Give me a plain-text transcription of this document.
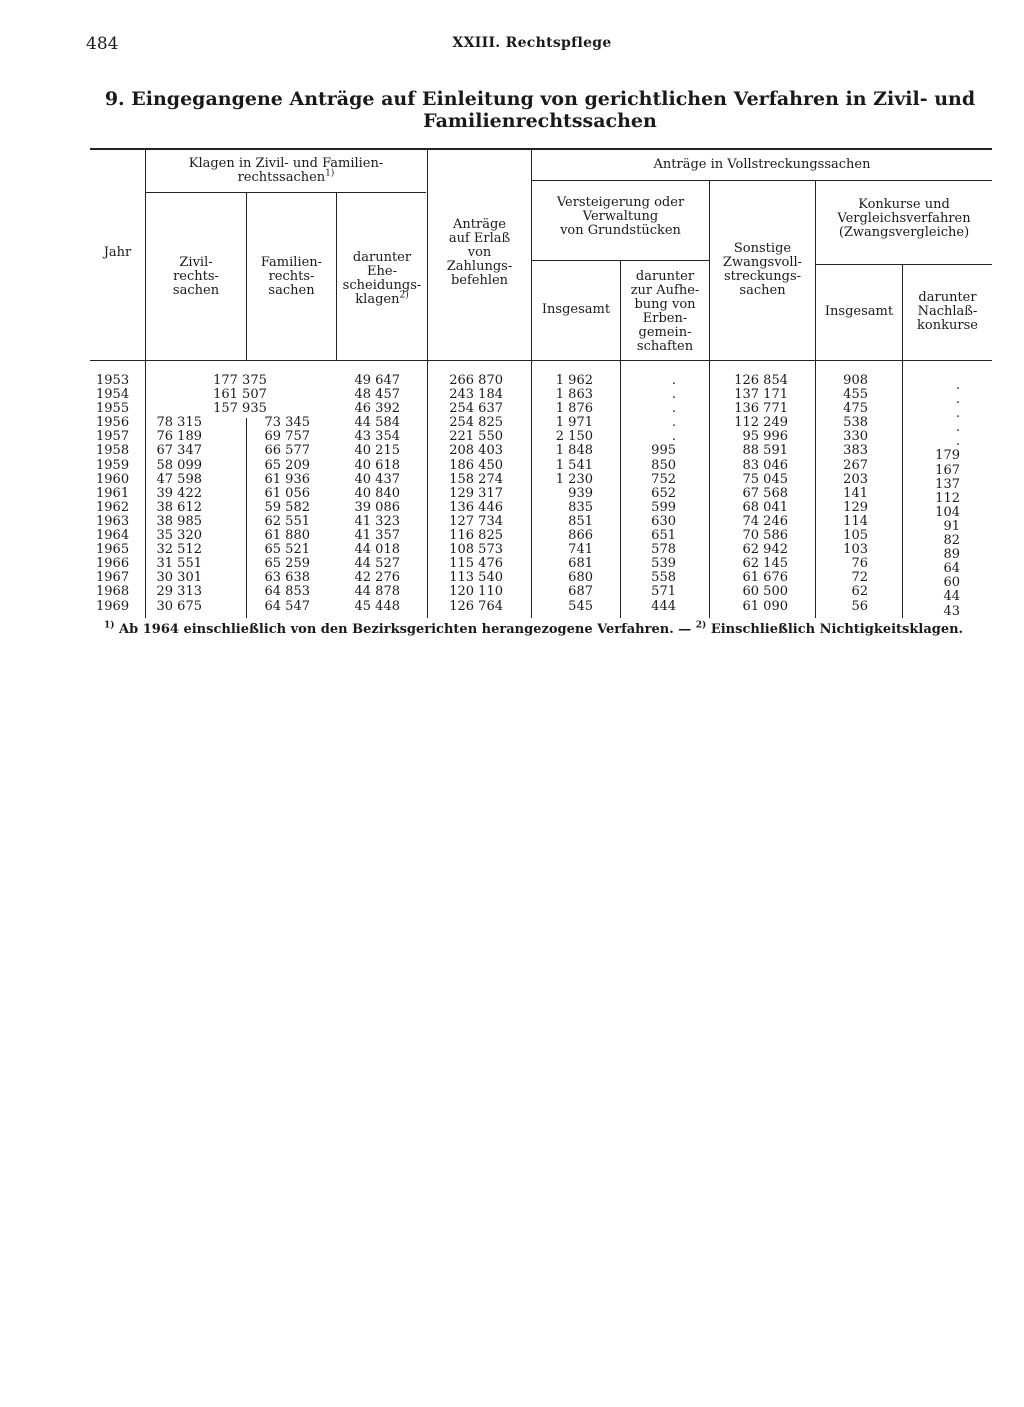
484	XXIII. Rechtspflege
9. Eingegangene Anträge auf Einleitung von gerichtlichen Verfahren in Zivil- und
Familienrechtssachen
Jahr
Klagen in Zivil- und Familien-
rechtssachen$^{1)}$
Zivil-
rechts-
sachen
Familien-
rechts-
sachen
darunter
Ehe-
scheidungs-
klagen$^{2)}$
Anträge
auf Erlaß
von
Zahlungs-
befehlen
Anträge in Vollstreckungssachen
Versteigerung oder
Verwaltung
von Grundstücken
Insgesamt
darunter
zur Aufhe-
bung von
Erben-
gemein-
schaften
Sonstige
Zwangsvoll-
streckungs-
sachen
Konkurse und
Vergleichsverfahren
(Zwangsvergleiche)
Insgesamt
darunter
Nachlaß-
konkurse
1953
1954
1955
1956
1957
1958
1959
1960
1961
1962
1963
1964
1965
1966
1967
1968
1969
177 375
161 507
157 935
78 315
76 189
67 347
58 099
47 598
39 422
38 612
38 985
35 320
32 512
31 551
30 301
29 313
30 675
73 345
69 757
66 577
65 209
61 936
61 056
59 582
62 551
61 880
65 521
65 259
63 638
64 853
64 547
49 647
48 457
46 392
44 584
43 354
40 215
40 618
40 437
40 840
39 086
41 323
41 357
44 018
44 527
42 276
44 878
45 448
266 870
243 184
254 637
254 825
221 550
208 403
186 450
158 274
129 317
136 446
127 734
116 825
108 573
115 476
113 540
120 110
126 764
1 962
1 863
1 876
1 971
2 150
1 848
1 541
1 230
939
835
851
866
741
681
680
687
545
.
.
.
.
.
995
850
752
652
599
630
651
578
539
558
571
444
126 854
137 171
136 771
112 249
95 996
88 591
83 046
75 045
67 568
68 041
74 246
70 586
62 942
62 145
61 676
60 500
61 090
908
455
475
538
330
383
267
203
141
129
114
105
103
76
72
62
56
.
.
.
.
.
179
167
137
112
104
91
82
89
64
60
44
43
$^{1)}$ Ab 1964 einschließlich von den Bezirksgerichten herangezogene Verfahren. — $^{2)}$ Einschließlich Nichtigkeitsklagen.
